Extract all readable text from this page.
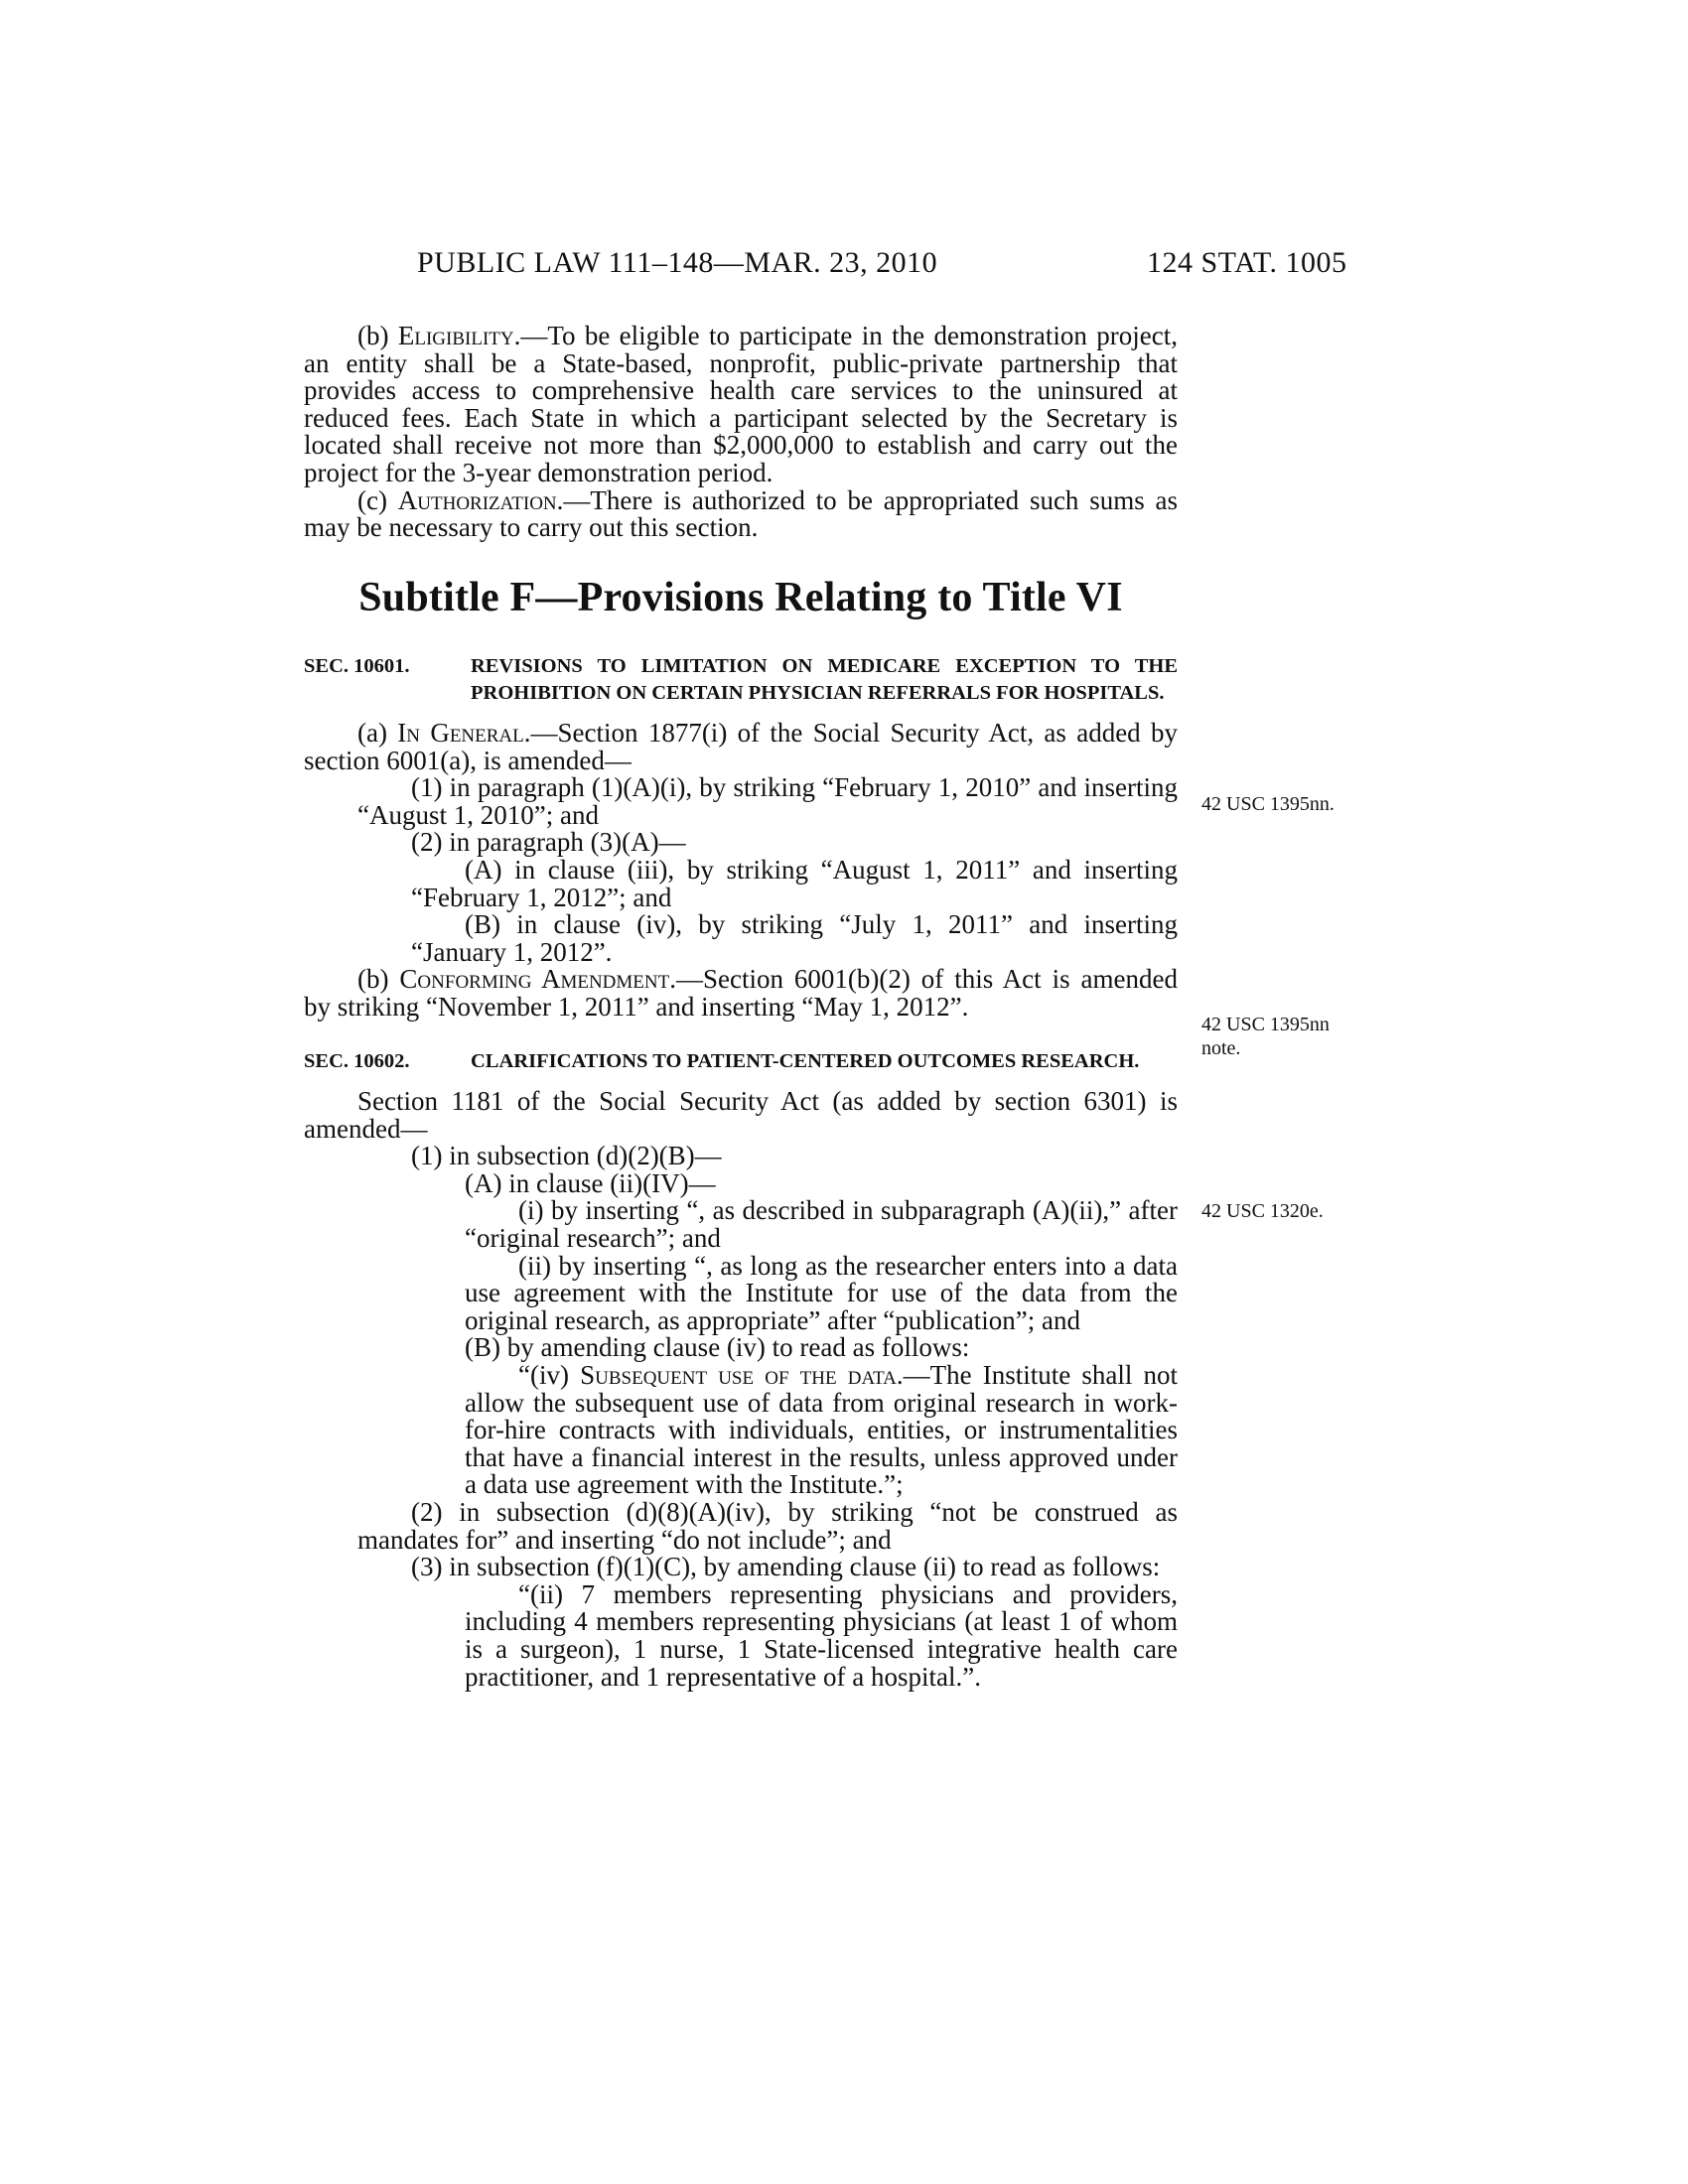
PUBLIC LAW 111–148—MAR. 23, 2010	124 STAT. 1005
42 USC 1395nn.
42 USC 1395nn
note.
42 USC 1320e.

(b) Eligibility.—To be eligible to participate in the demonstration project, an entity shall be a State-based, nonprofit, public-private partnership that provides access to comprehensive health care services to the uninsured at reduced fees. Each State in which a participant selected by the Secretary is located shall receive not more than $2,000,000 to establish and carry out the project for the 3-year demonstration period.

(c) Authorization.—There is authorized to be appropriated such sums as may be necessary to carry out this section.

Subtitle F—Provisions Relating to Title VI
SEC. 10601.	REVISIONS TO LIMITATION ON MEDICARE EXCEPTION TO THE PROHIBITION ON CERTAIN PHYSICIAN REFERRALS FOR HOSPITALS.

(a) In General.—Section 1877(i) of the Social Security Act, as added by section 6001(a), is amended—

(1) in paragraph (1)(A)(i), by striking “February 1, 2010” and inserting “August 1, 2010”; and

(2) in paragraph (3)(A)—

(A) in clause (iii), by striking “August 1, 2011” and inserting “February 1, 2012”; and

(B) in clause (iv), by striking “July 1, 2011” and inserting “January 1, 2012”.

(b) Conforming Amendment.—Section 6001(b)(2) of this Act is amended by striking “November 1, 2011” and inserting “May 1, 2012”.

SEC. 10602.	CLARIFICATIONS TO PATIENT-CENTERED OUTCOMES RESEARCH.

Section 1181 of the Social Security Act (as added by section 6301) is amended—

(1) in subsection (d)(2)(B)—

(A) in clause (ii)(IV)—

(i) by inserting “, as described in subparagraph (A)(ii),” after “original research”; and

(ii) by inserting “, as long as the researcher enters into a data use agreement with the Institute for use of the data from the original research, as appropriate” after “publication”; and

(B) by amending clause (iv) to read as follows:

“(iv) Subsequent use of the data.—The Institute shall not allow the subsequent use of data from original research in work-for-hire contracts with individuals, entities, or instrumentalities that have a financial interest in the results, unless approved under a data use agreement with the Institute.”;

(2) in subsection (d)(8)(A)(iv), by striking “not be construed as mandates for” and inserting “do not include”; and

(3) in subsection (f)(1)(C), by amending clause (ii) to read as follows:

“(ii) 7 members representing physicians and providers, including 4 members representing physicians (at least 1 of whom is a surgeon), 1 nurse, 1 State-licensed integrative health care practitioner, and 1 representative of a hospital.”.
